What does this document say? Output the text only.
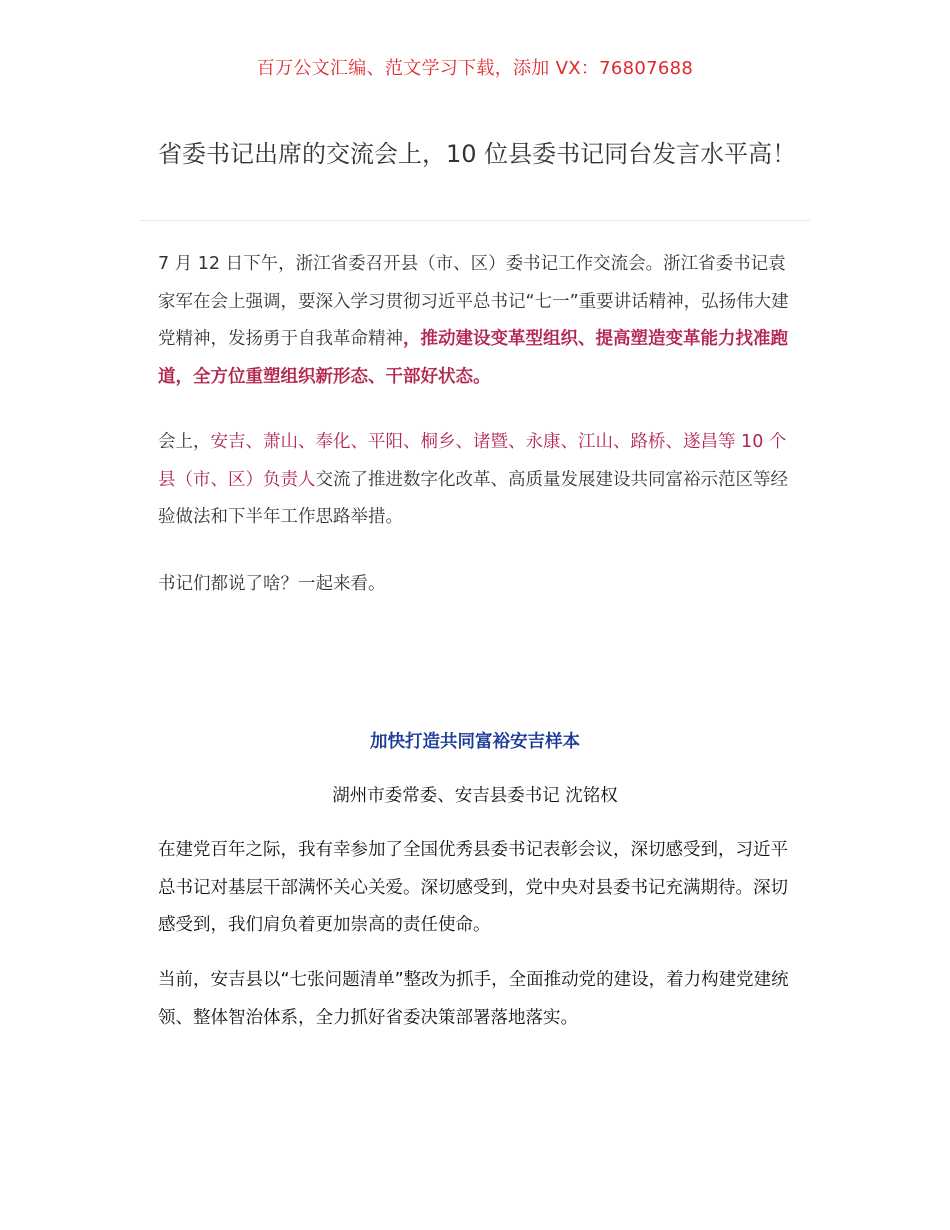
百万公文汇编、范文学习下载，添加 VX：76807688
省委书记出席的交流会上，10 位县委书记同台发言水平高！

7 月 12 日下午，浙江省委召开县（市、区）委书记工作交流会。浙江省委书记袁家军在会上强调，要深入学习贯彻习近平总书记“七一”重要讲话精神，弘扬伟大建党精神，发扬勇于自我革命精神，推动建设变革型组织、提高塑造变革能力找准跑道，全方位重塑组织新形态、干部好状态。

会上，安吉、萧山、奉化、平阳、桐乡、诸暨、永康、江山、路桥、遂昌等 10 个县（市、区）负责人交流了推进数字化改革、高质量发展建设共同富裕示范区等经验做法和下半年工作思路举措。

书记们都说了啥？一起来看。

加快打造共同富裕安吉样本
湖州市委常委、安吉县委书记 沈铭权

在建党百年之际，我有幸参加了全国优秀县委书记表彰会议，深切感受到，习近平总书记对基层干部满怀关心关爱。深切感受到，党中央对县委书记充满期待。深切感受到，我们肩负着更加崇高的责任使命。

当前，安吉县以“七张问题清单”整改为抓手，全面推动党的建设，着力构建党建统领、整体智治体系，全力抓好省委决策部署落地落实。
